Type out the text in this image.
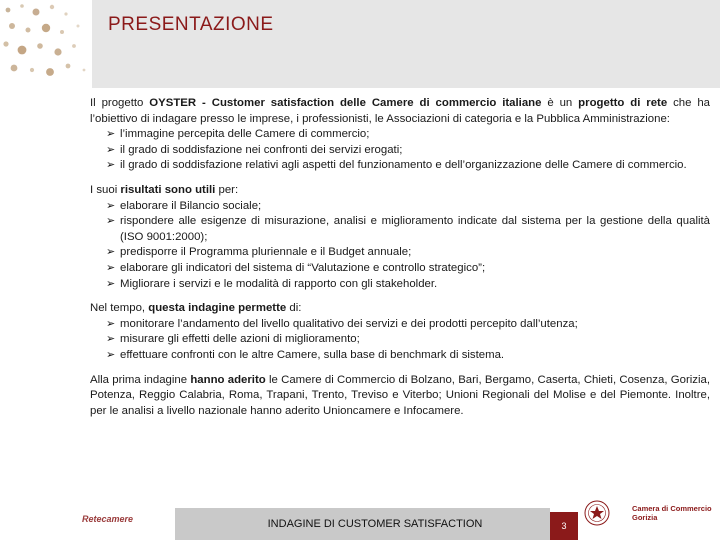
PRESENTAZIONE

Il progetto OYSTER - Customer satisfaction delle Camere di commercio italiane è un progetto di rete che ha l’obiettivo di indagare presso le imprese, i professionisti, le Associazioni di categoria e la Pubblica Amministrazione:

➢ l’immagine percepita delle Camere di commercio;
➢ il grado di soddisfazione nei confronti dei servizi erogati;
➢ il grado di soddisfazione relativi agli aspetti del funzionamento e dell’organizzazione delle Camere di commercio.

I suoi risultati sono utili per:

➢ elaborare il Bilancio sociale;
➢ rispondere alle esigenze di misurazione, analisi e miglioramento indicate dal sistema per la gestione della qualità (ISO 9001:2000);
➢ predisporre il Programma pluriennale e il Budget annuale;
➢ elaborare gli indicatori del sistema di “Valutazione e controllo strategico”;
➢ Migliorare i servizi e le modalità di rapporto con gli stakeholder.

Nel tempo, questa indagine permette di:

➢ monitorare l’andamento del livello qualitativo dei servizi e dei prodotti percepito dall’utenza;
➢ misurare gli effetti delle azioni di miglioramento;
➢ effettuare confronti con le altre Camere, sulla base di benchmark di sistema.

Alla prima indagine hanno aderito le Camere di Commercio di Bolzano, Bari, Bergamo, Caserta, Chieti, Cosenza, Gorizia, Potenza, Reggio Calabria, Roma, Trapani, Trento, Treviso e Viterbo; Unioni Regionali del Molise e del Piemonte. Inoltre, per le analisi a livello nazionale hanno aderito Unioncamere e Infocamere.

INDAGINE DI CUSTOMER SATISFACTION	3
Retecamere
Camera di Commercio Gorizia
